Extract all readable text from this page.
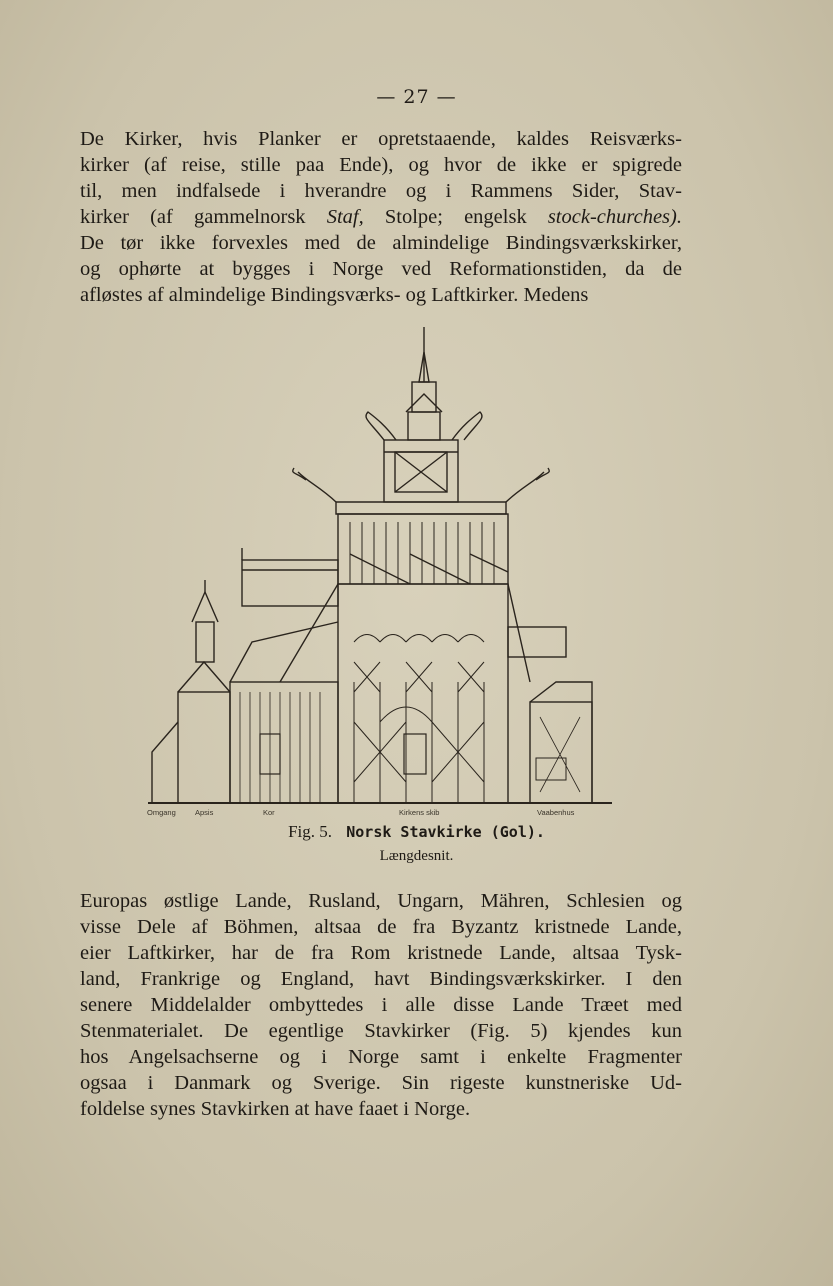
— 27 —
De Kirker, hvis Planker er opretstaaende, kaldes Reisværks-
kirker (af reise, stille paa Ende), og hvor de ikke er spigrede
til, men indfalsede i hverandre og i Rammens Sider, Stav-
kirker (af gammelnorsk Staf, Stolpe; engelsk stock-churches).
De tør ikke forvexles med de almindelige Bindingsværkskirker,
og ophørte at bygges i Norge ved Reformationstiden, da de
afløstes af almindelige Bindingsværks- og Laftkirker. Medens
Omgang	Apsis	Kor	Kirkens skib	Vaabenhus
Fig. 5. Norsk Stavkirke (Gol).
Længdesnit.
Europas østlige Lande, Rusland, Ungarn, Mähren, Schlesien og
visse Dele af Böhmen, altsaa de fra Byzantz kristnede Lande,
eier Laftkirker, har de fra Rom kristnede Lande, altsaa Tysk-
land, Frankrige og England, havt Bindingsværkskirker. I den
senere Middelalder ombyttedes i alle disse Lande Træet med
Stenmaterialet. De egentlige Stavkirker (Fig. 5) kjendes kun
hos Angelsachserne og i Norge samt i enkelte Fragmenter
ogsaa i Danmark og Sverige. Sin rigeste kunstneriske Ud-
foldelse synes Stavkirken at have faaet i Norge.
